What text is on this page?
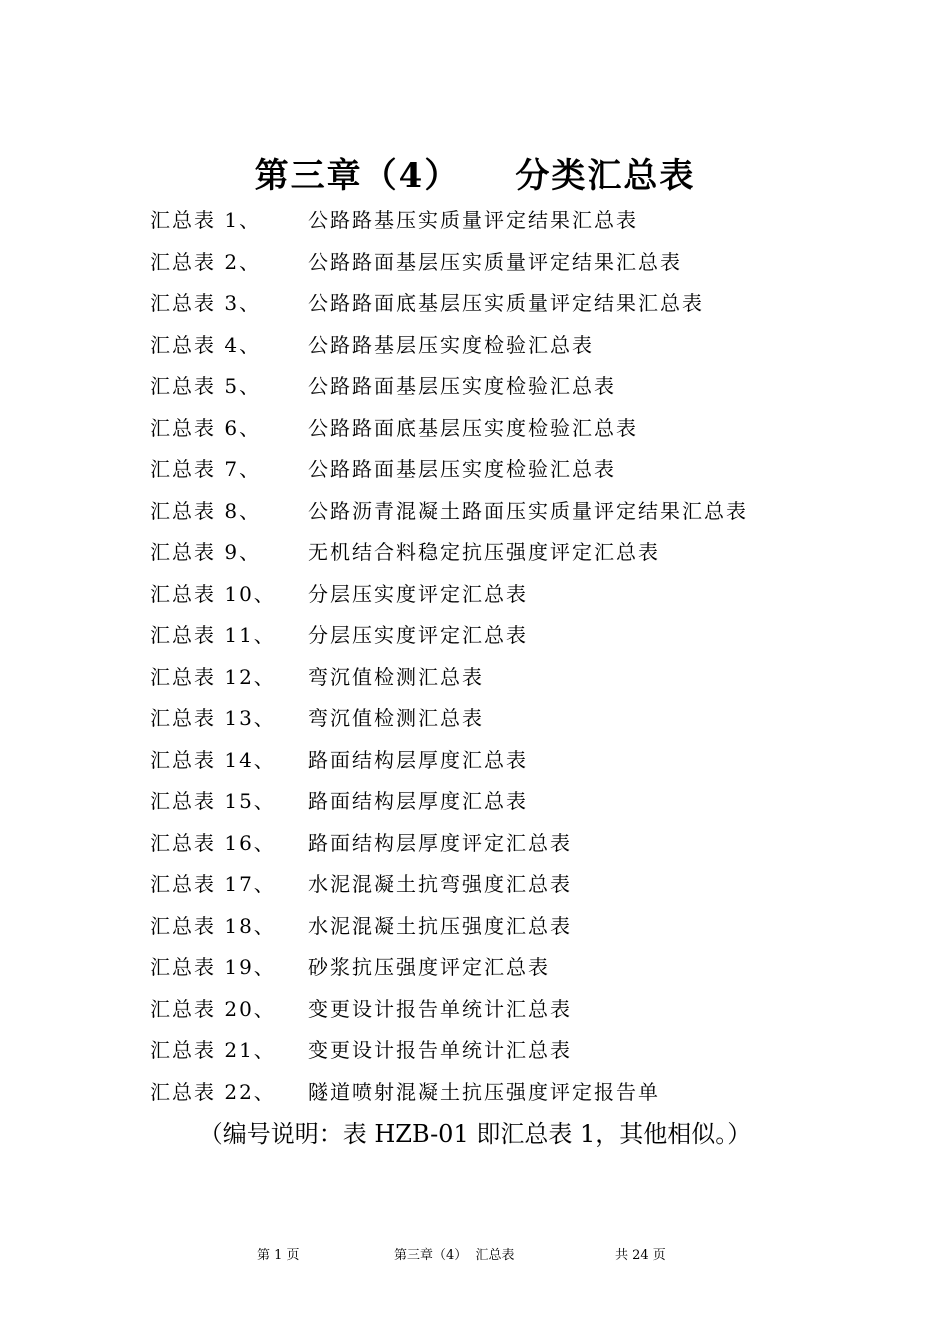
第三章（4）　　分类汇总表
汇总表 1、 公路路基压实质量评定结果汇总表
汇总表 2、 公路路面基层压实质量评定结果汇总表
汇总表 3、 公路路面底基层压实质量评定结果汇总表
汇总表 4、 公路路基层压实度检验汇总表
汇总表 5、 公路路面基层压实度检验汇总表
汇总表 6、 公路路面底基层压实度检验汇总表
汇总表 7、 公路路面基层压实度检验汇总表
汇总表 8、 公路沥青混凝土路面压实质量评定结果汇总表
汇总表 9、 无机结合料稳定抗压强度评定汇总表
汇总表 10、 分层压实度评定汇总表
汇总表 11、 分层压实度评定汇总表
汇总表 12、 弯沉值检测汇总表
汇总表 13、 弯沉值检测汇总表
汇总表 14、 路面结构层厚度汇总表
汇总表 15、 路面结构层厚度汇总表
汇总表 16、 路面结构层厚度评定汇总表
汇总表 17、 水泥混凝土抗弯强度汇总表
汇总表 18、 水泥混凝土抗压强度汇总表
汇总表 19、 砂浆抗压强度评定汇总表
汇总表 20、 变更设计报告单统计汇总表
汇总表 21、 变更设计报告单统计汇总表
汇总表 22、 隧道喷射混凝土抗压强度评定报告单
（编号说明：表 HZB-01 即汇总表 1，其他相似。）
第 1 页	第三章（4）  汇总表	共 24 页
